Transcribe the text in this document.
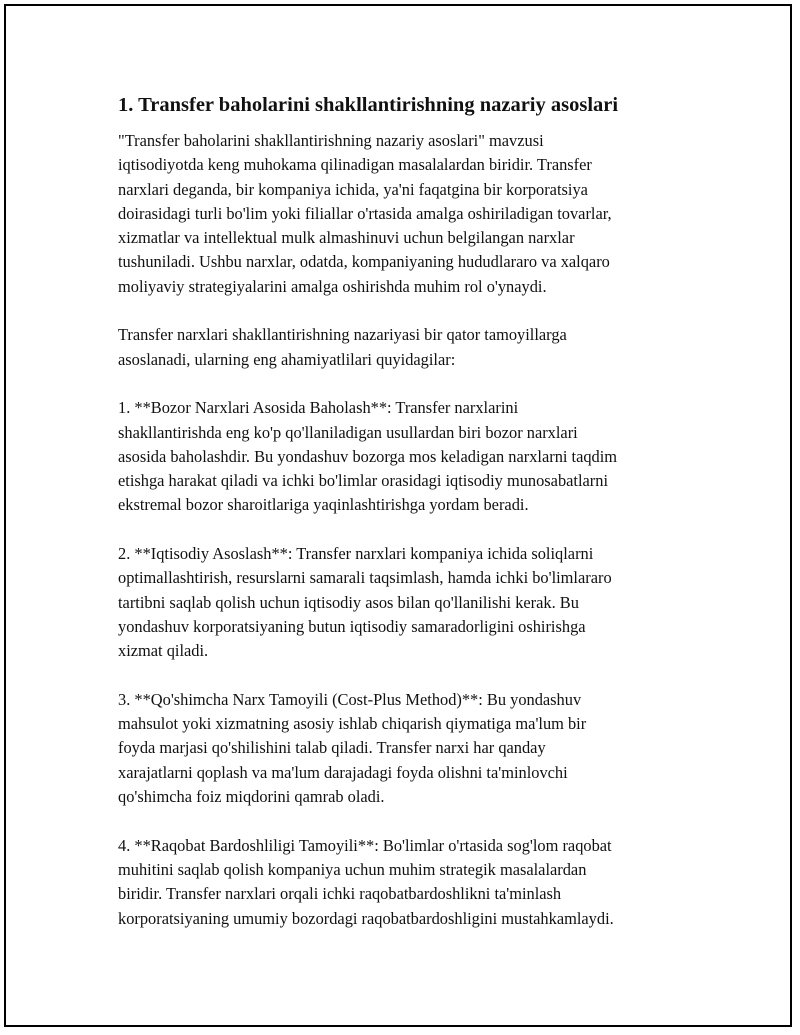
1. Transfer baholarini shakllantirishning nazariy asoslari

"Transfer baholarini shakllantirishning nazariy asoslari" mavzusi
iqtisodiyotda keng muhokama qilinadigan masalalardan biridir. Transfer
narxlari deganda, bir kompaniya ichida, ya'ni faqatgina bir korporatsiya
doirasidagi turli bo'lim yoki filiallar o'rtasida amalga oshiriladigan tovarlar,
xizmatlar va intellektual mulk almashinuvi uchun belgilangan narxlar
tushuniladi. Ushbu narxlar, odatda, kompaniyaning hududlararo va xalqaro
moliyaviy strategiyalarini amalga oshirishda muhim rol o'ynaydi.

Transfer narxlari shakllantirishning nazariyasi bir qator tamoyillarga
asoslanadi, ularning eng ahamiyatlilari quyidagilar:

1. **Bozor Narxlari Asosida Baholash**: Transfer narxlarini
shakllantirishda eng ko'p qo'llaniladigan usullardan biri bozor narxlari
asosida baholashdir. Bu yondashuv bozorga mos keladigan narxlarni taqdim
etishga harakat qiladi va ichki bo'limlar orasidagi iqtisodiy munosabatlarni
ekstremal bozor sharoitlariga yaqinlashtirishga yordam beradi.

2. **Iqtisodiy Asoslash**: Transfer narxlari kompaniya ichida soliqlarni
optimallashtirish, resurslarni samarali taqsimlash, hamda ichki bo'limlararo
tartibni saqlab qolish uchun iqtisodiy asos bilan qo'llanilishi kerak. Bu
yondashuv korporatsiyaning butun iqtisodiy samaradorligini oshirishga
xizmat qiladi.

3. **Qo'shimcha Narx Tamoyili (Cost-Plus Method)**: Bu yondashuv
mahsulot yoki xizmatning asosiy ishlab chiqarish qiymatiga ma'lum bir
foyda marjasi qo'shilishini talab qiladi. Transfer narxi har qanday
xarajatlarni qoplash va ma'lum darajadagi foyda olishni ta'minlovchi
qo'shimcha foiz miqdorini qamrab oladi.

4. **Raqobat Bardoshliligi Tamoyili**: Bo'limlar o'rtasida sog'lom raqobat
muhitini saqlab qolish kompaniya uchun muhim strategik masalalardan
biridir. Transfer narxlari orqali ichki raqobatbardoshlikni ta'minlash
korporatsiyaning umumiy bozordagi raqobatbardoshligini mustahkamlaydi.
